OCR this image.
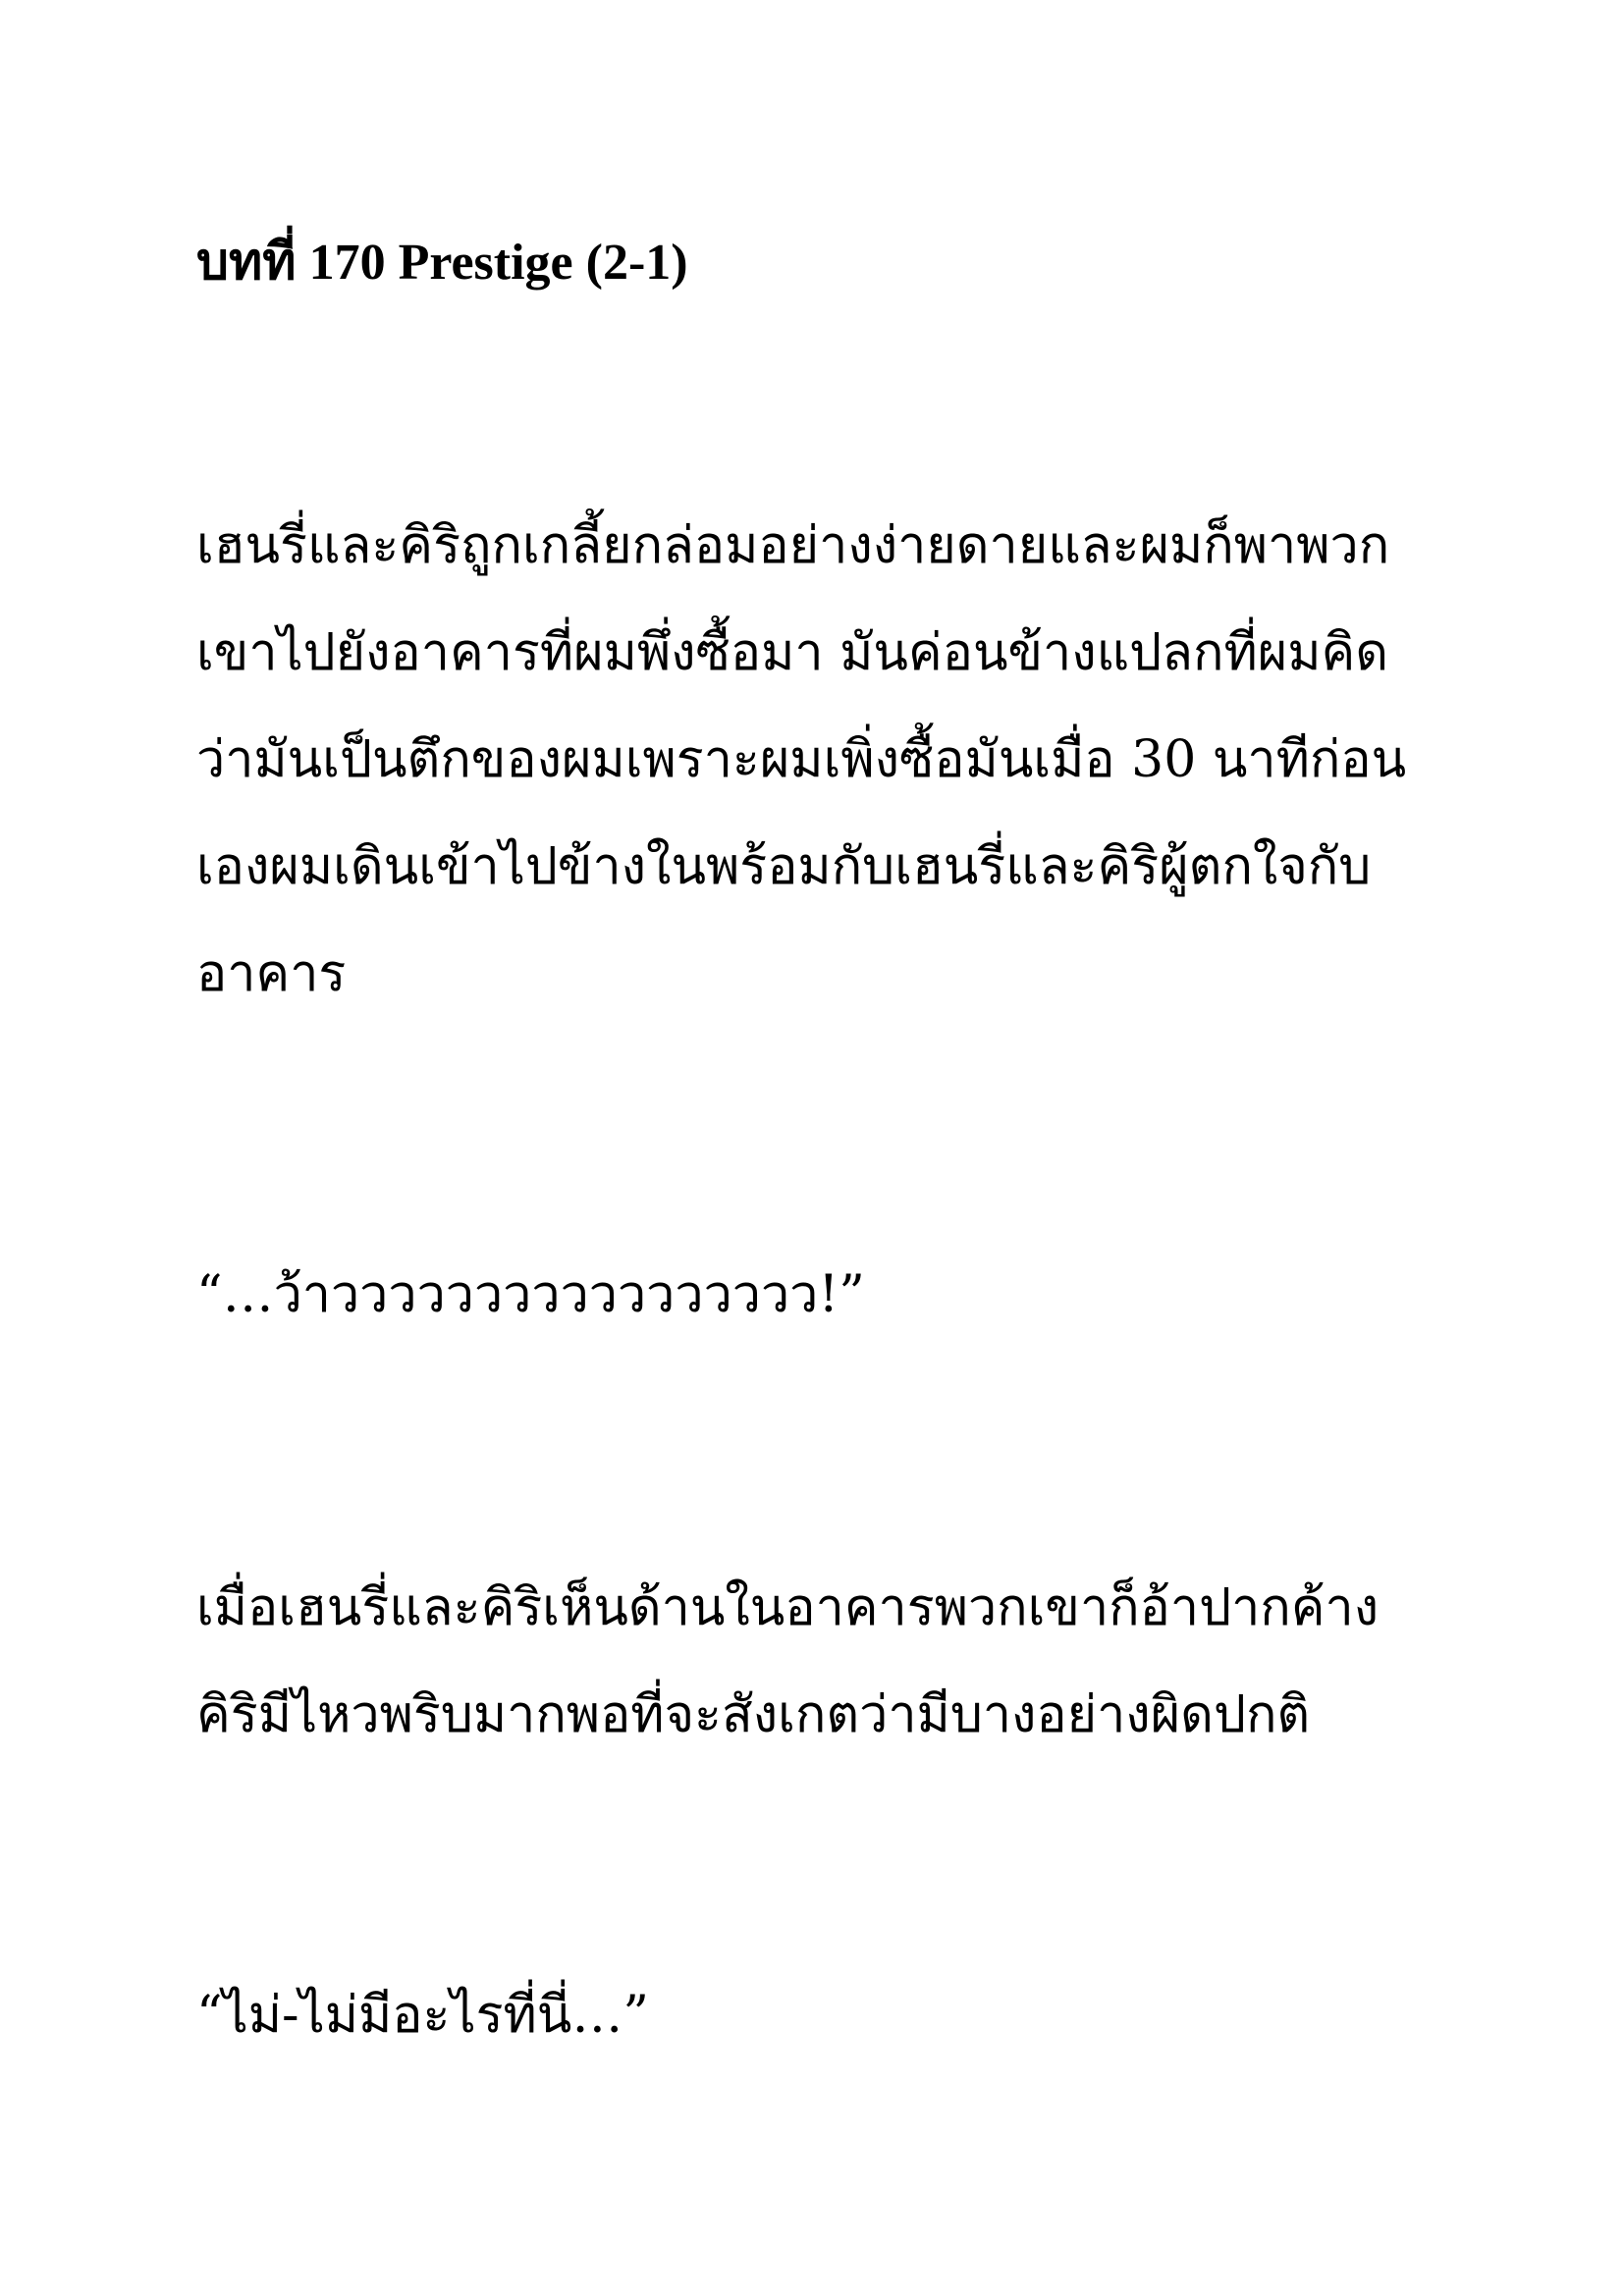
บทที่ 170 Prestige (2-1)

เฮนรี่และคิริถูกเกลี้ยกล่อมอย่างง่ายดายและผมก็พาพวก

เขาไปยังอาคารที่ผมพึ่งซื้อมา มันค่อนข้างแปลกที่ผมคิด

ว่ามันเป็นตึกของผมเพราะผมเพิ่งซื้อมันเมื่อ 30 นาทีก่อน

เองผมเดินเข้าไปข้างในพร้อมกับเฮนรี่และคิริผู้ตกใจกับ

อาคาร

“…ว้าววววววววววววววววว!”

เมื่อเฮนรี่และคิริเห็นด้านในอาคารพวกเขาก็อ้าปากค้าง

คิริมีไหวพริบมากพอที่จะสังเกตว่ามีบางอย่างผิดปกติ

“ไม่-ไม่มีอะไรที่นี่…”
